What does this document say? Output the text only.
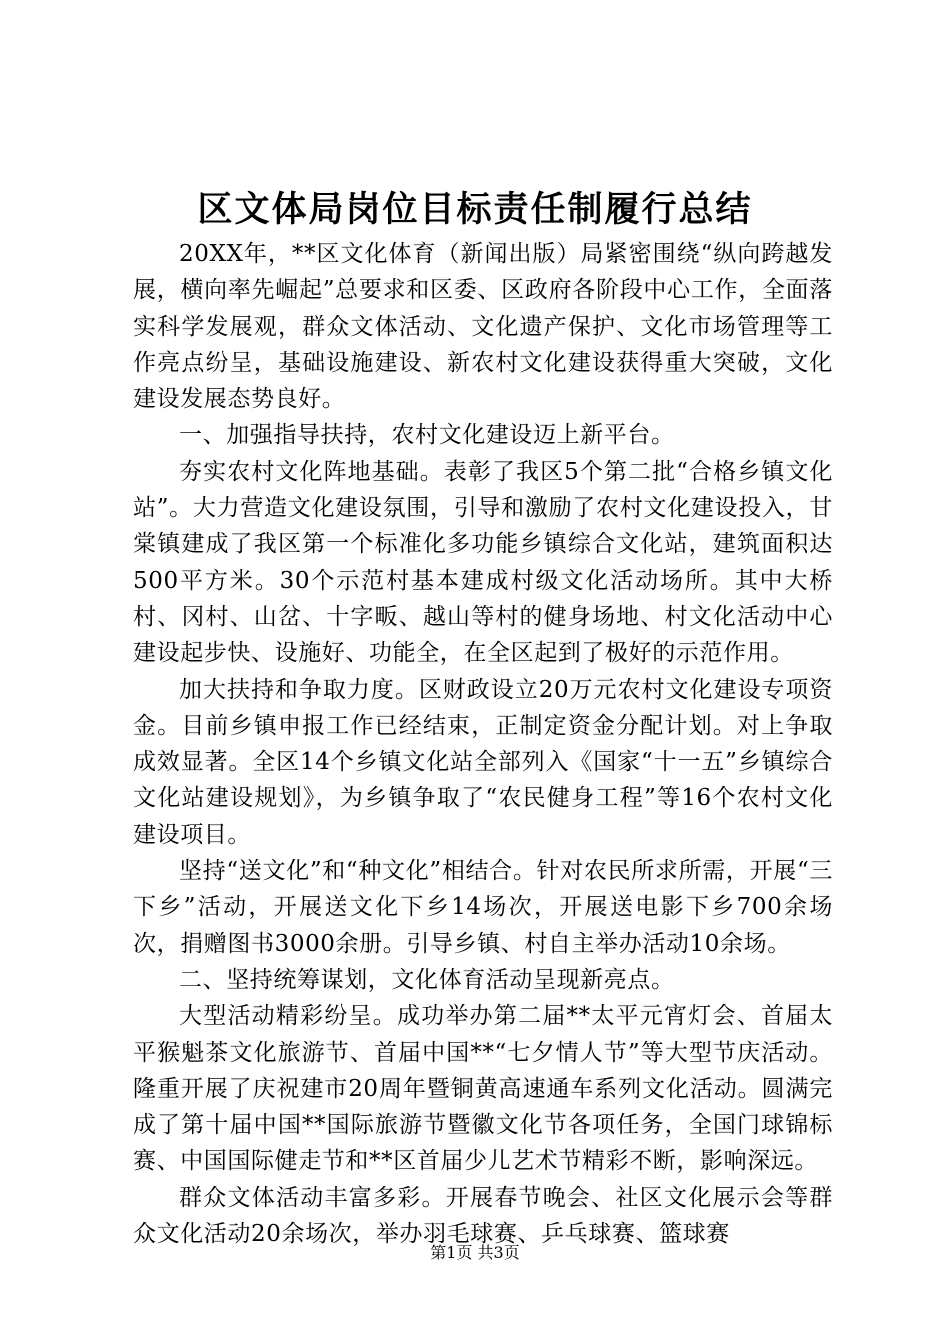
区文体局岗位目标责任制履行总结

20XX年，**区文化体育（新闻出版）局紧密围绕“纵向跨越发展，横向率先崛起”总要求和区委、区政府各阶段中心工作，全面落实科学发展观，群众文体活动、文化遗产保护、文化市场管理等工作亮点纷呈，基础设施建设、新农村文化建设获得重大突破，文化建设发展态势良好。

一、加强指导扶持，农村文化建设迈上新平台。

夯实农村文化阵地基础。表彰了我区5个第二批“合格乡镇文化站”。大力营造文化建设氛围，引导和激励了农村文化建设投入，甘棠镇建成了我区第一个标准化多功能乡镇综合文化站，建筑面积达500平方米。30个示范村基本建成村级文化活动场所。其中大桥村、冈村、山岔、十字畈、越山等村的健身场地、村文化活动中心建设起步快、设施好、功能全，在全区起到了极好的示范作用。

加大扶持和争取力度。区财政设立20万元农村文化建设专项资金。目前乡镇申报工作已经结束，正制定资金分配计划。对上争取成效显著。全区14个乡镇文化站全部列入《国家“十一五”乡镇综合文化站建设规划》，为乡镇争取了“农民健身工程”等16个农村文化建设项目。

坚持“送文化”和“种文化”相结合。针对农民所求所需，开展“三下乡”活动，开展送文化下乡14场次，开展送电影下乡700余场次，捐赠图书3000余册。引导乡镇、村自主举办活动10余场。

二、坚持统筹谋划，文化体育活动呈现新亮点。

大型活动精彩纷呈。成功举办第二届**太平元宵灯会、首届太平猴魁茶文化旅游节、首届中国**“七夕情人节”等大型节庆活动。隆重开展了庆祝建市20周年暨铜黄高速通车系列文化活动。圆满完成了第十届中国**国际旅游节暨徽文化节各项任务，全国门球锦标赛、中国国际健走节和**区首届少儿艺术节精彩不断，影响深远。

群众文体活动丰富多彩。开展春节晚会、社区文化展示会等群众文化活动20余场次，举办羽毛球赛、乒乓球赛、篮球赛

第1页 共3页
